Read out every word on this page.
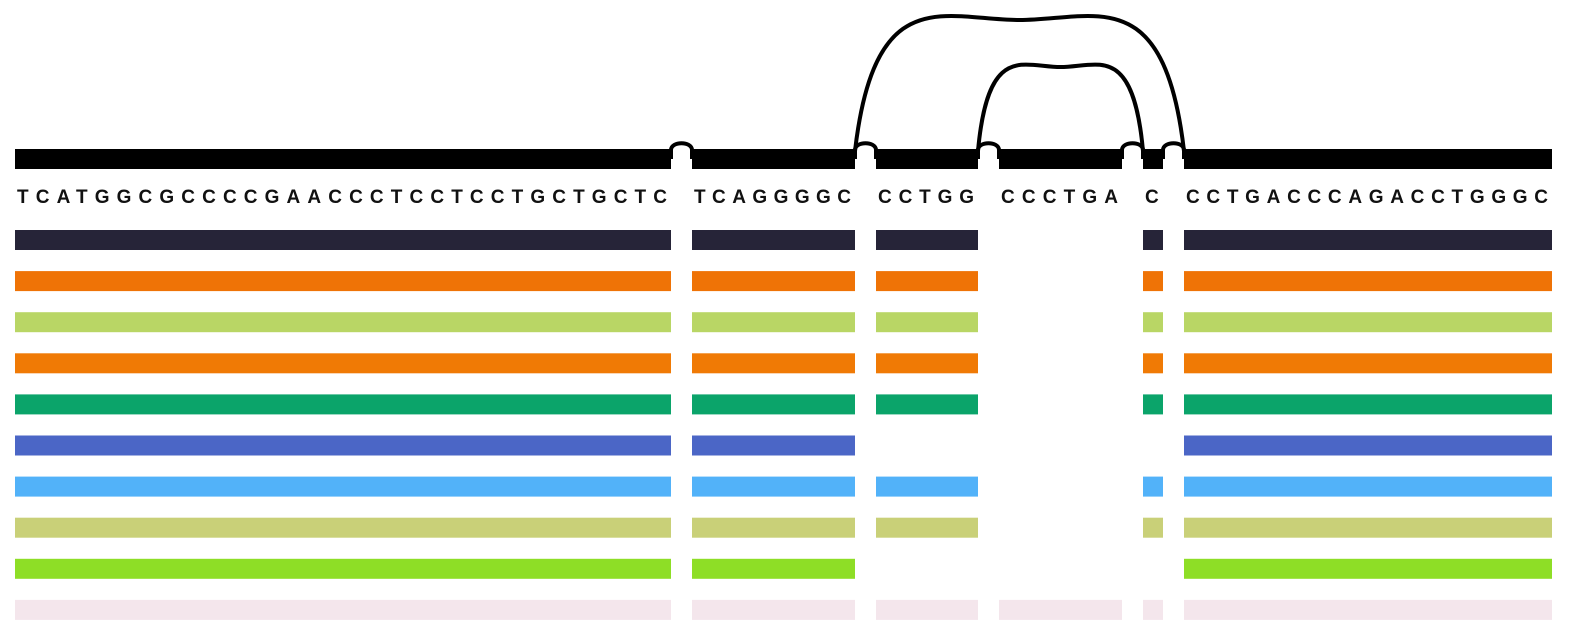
TCATGGCGCCCCGAACCCTCCTCCTGCTGCTC TCAGGGGC CCTGG CCCTGA C CCTGACCCAGACCTGGGC
